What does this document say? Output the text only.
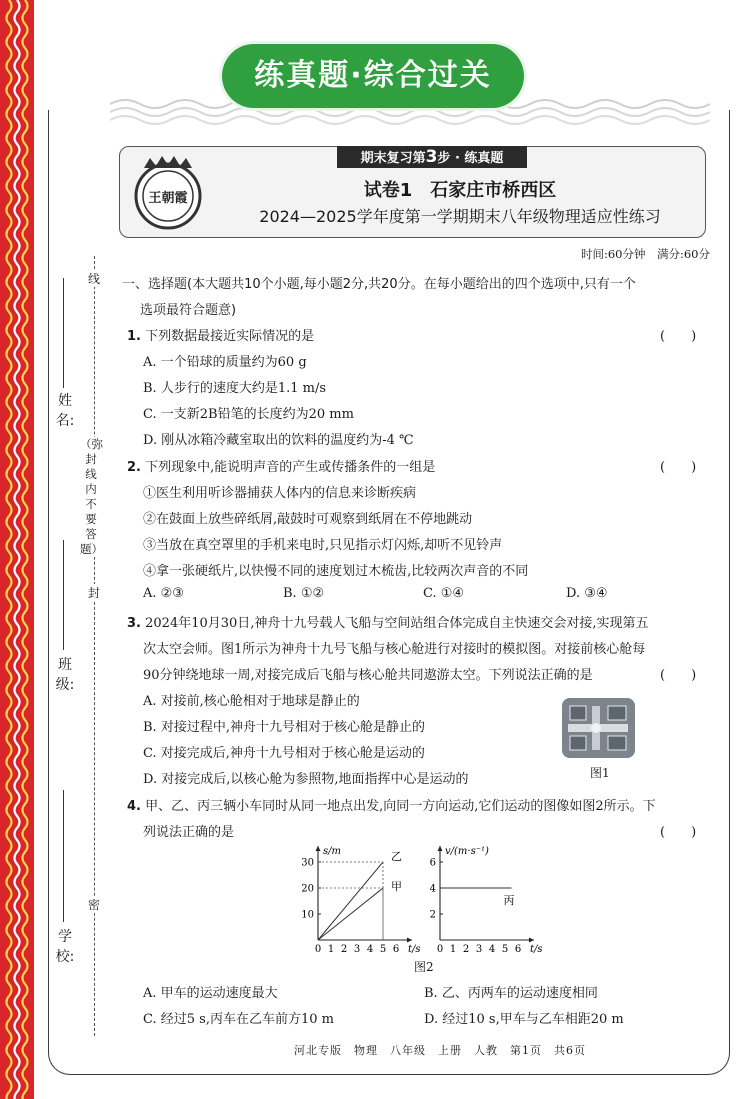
练真题·综合过关
期末复习第3步 · 练真题
王朝霞	试卷1　石家庄市桥西区
2024—2025学年度第一学期期末八年级物理适应性练习
时间:60分钟　满分:60分
线
（弥封线内不要答题）
封
密
姓名:
班级:
学校:
一、选择题(本大题共10个小题,每小题2分,共20分。在每小题给出的四个选项中,只有一个
选项最符合题意)
1. 下列数据最接近实际情况的是	(　　)
A. 一个铅球的质量约为60 g
B. 人步行的速度大约是1.1 m/s
C. 一支新2B铅笔的长度约为20 mm
D. 刚从冰箱冷藏室取出的饮料的温度约为-4 ℃
2. 下列现象中,能说明声音的产生或传播条件的一组是	(　　)
①医生利用听诊器捕获人体内的信息来诊断疾病
②在鼓面上放些碎纸屑,敲鼓时可观察到纸屑在不停地跳动
③当放在真空罩里的手机来电时,只见指示灯闪烁,却听不见铃声
④拿一张硬纸片,以快慢不同的速度划过木梳齿,比较两次声音的不同
A. ②③	B. ①②	C. ①④	D. ③④
3. 2024年10月30日,神舟十九号载人飞船与空间站组合体完成自主快速交会对接,实现第五
次太空会师。图1所示为神舟十九号飞船与核心舱进行对接时的模拟图。对接前核心舱每
90分钟绕地球一周,对接完成后飞船与核心舱共同遨游太空。下列说法正确的是	(　　)
A. 对接前,核心舱相对于地球是静止的
B. 对接过程中,神舟十九号相对于核心舱是静止的
C. 对接完成后,神舟十九号相对于核心舱是运动的
D. 对接完成后,以核心舱为参照物,地面指挥中心是运动的	图1
4. 甲、乙、丙三辆小车同时从同一地点出发,向同一方向运动,它们运动的图像如图2所示。下
列说法正确的是	(　　)
t/s
s/m
0 1 2 3 4 5 6
10
20
30	乙
甲
t/s
v/(m·s⁻¹)
0 1 2 3 4 5 6
2
4
6
丙
图2
A. 甲车的运动速度最大	B. 乙、丙两车的运动速度相同
C. 经过5 s,丙车在乙车前方10 m	D. 经过10 s,甲车与乙车相距20 m
河北专版　物理　八年级　上册　人教　第1页　共6页
